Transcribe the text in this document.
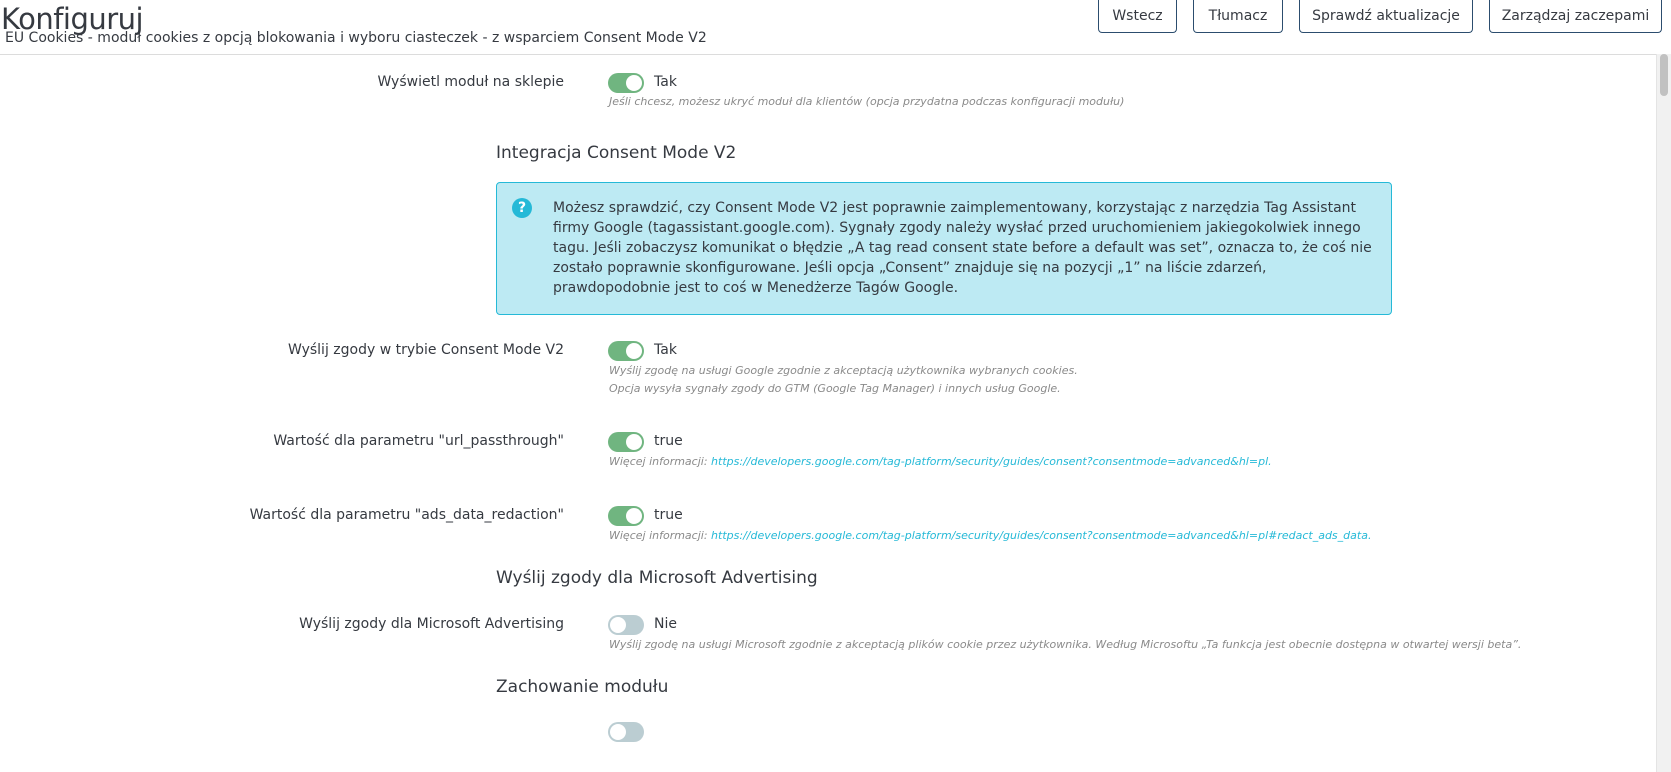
Konfiguruj
EU Cookies - moduł cookies z opcją blokowania i wyboru ciasteczek - z wsparciem Consent Mode V2
Wstecz	Tłumacz	Sprawdź aktualizacje	Zarządzaj zaczepami
Wyświetl moduł na sklepie	Tak
Jeśli chcesz, możesz ukryć moduł dla klientów (opcja przydatna podczas konfiguracji modułu)
Integracja Consent Mode V2
?	Możesz sprawdzić, czy Consent Mode V2 jest poprawnie zaimplementowany, korzystając z narzędzia Tag Assistant firmy Google (tagassistant.google.com). Sygnały zgody należy wysłać przed uruchomieniem jakiegokolwiek innego tagu. Jeśli zobaczysz komunikat o błędzie „A tag read consent state before a default was set”, oznacza to, że coś nie zostało poprawnie skonfigurowane. Jeśli opcja „Consent” znajduje się na pozycji „1” na liście zdarzeń, prawdopodobnie jest to coś w Menedżerze Tagów Google.
Wyślij zgody w trybie Consent Mode V2	Tak
Wyślij zgodę na usługi Google zgodnie z akceptacją użytkownika wybranych cookies.
Opcja wysyła sygnały zgody do GTM (Google Tag Manager) i innych usług Google.
Wartość dla parametru "url_passthrough"	true
Więcej informacji: https://developers.google.com/tag-platform/security/guides/consent?consentmode=advanced&hl=pl.
Wartość dla parametru "ads_data_redaction"	true
Więcej informacji: https://developers.google.com/tag-platform/security/guides/consent?consentmode=advanced&hl=pl#redact_ads_data.
Wyślij zgody dla Microsoft Advertising
Wyślij zgody dla Microsoft Advertising	Nie
Wyślij zgodę na usługi Microsoft zgodnie z akceptacją plików cookie przez użytkownika. Według Microsoftu „Ta funkcja jest obecnie dostępna w otwartej wersji beta”.
Zachowanie modułu
